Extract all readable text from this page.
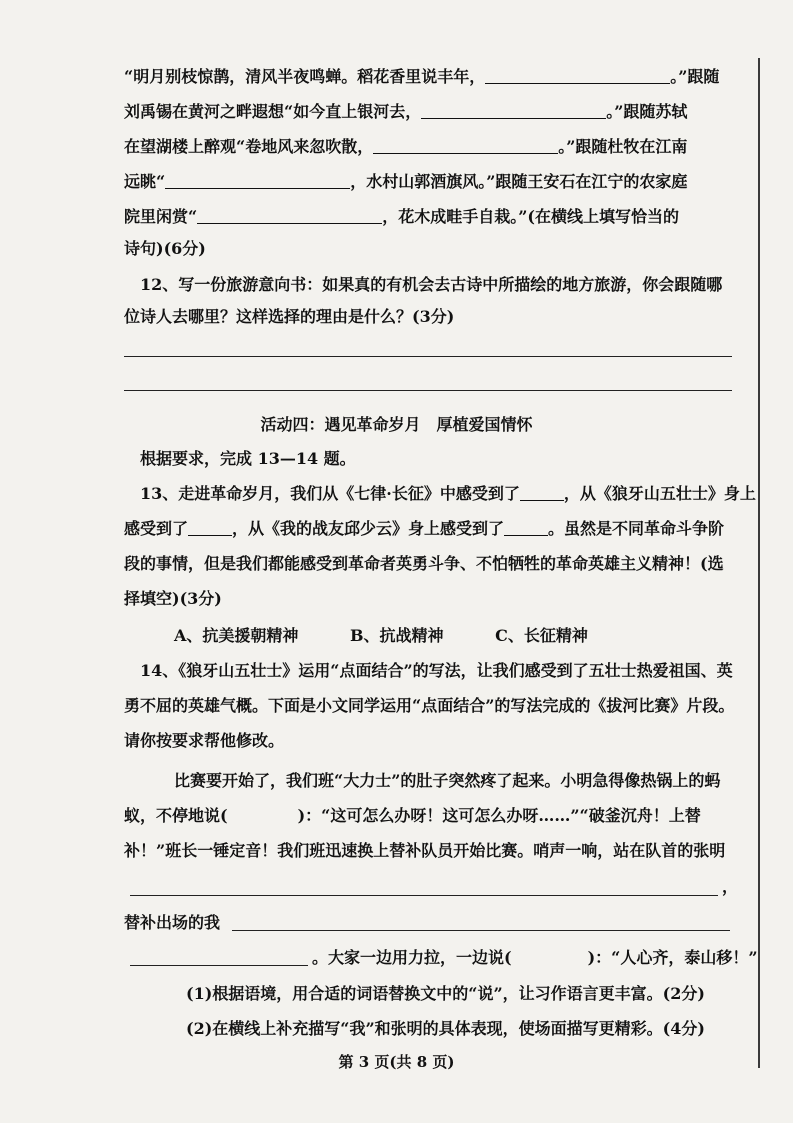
“明月别枝惊鹊，清风半夜鸣蝉。稻花香里说丰年，	。”跟随
刘禹锡在黄河之畔遐想“如今直上银河去，	。”跟随苏轼
在望湖楼上醉观“卷地风来忽吹散，	。”跟随杜牧在江南
远眺“	，水村山郭酒旗风。”跟随王安石在江宁的农家庭
院里闲赏“	，花木成畦手自栽。”(在横线上填写恰当的
诗句)(6分)
12、写一份旅游意向书：如果真的有机会去古诗中所描绘的地方旅游，你会跟随哪
位诗人去哪里？这样选择的理由是什么？(3分)
活动四：遇见革命岁月　厚植爱国情怀
根据要求，完成 13—14 题。
13、走进革命岁月，我们从《七律·长征》中感受到了	，从《狼牙山五壮士》身上
感受到了	，从《我的战友邱少云》身上感受到了	。虽然是不同革命斗争阶
段的事情，但是我们都能感受到革命者英勇斗争、不怕牺牲的革命英雄主义精神！(选
择填空)(3分)
A、抗美援朝精神	B、抗战精神	C、长征精神
14、《狼牙山五壮士》运用“点面结合”的写法，让我们感受到了五壮士热爱祖国、英
勇不屈的英雄气概。下面是小文同学运用“点面结合”的写法完成的《拔河比赛》片段。
请你按要求帮他修改。
比赛要开始了，我们班“大力士”的肚子突然疼了起来。小明急得像热锅上的蚂
蚁，不停地说(	)：“这可怎么办呀！这可怎么办呀……”“破釜沉舟！上替
补！”班长一锤定音！我们班迅速换上替补队员开始比赛。哨声一响，站在队首的张明
，
替补出场的我
。大家一边用力拉，一边说(	)：“人心齐，泰山移！”
(1)根据语境，用合适的词语替换文中的“说”，让习作语言更丰富。(2分)
(2)在横线上补充描写“我”和张明的具体表现，使场面描写更精彩。(4分)
第 3 页(共 8 页)
